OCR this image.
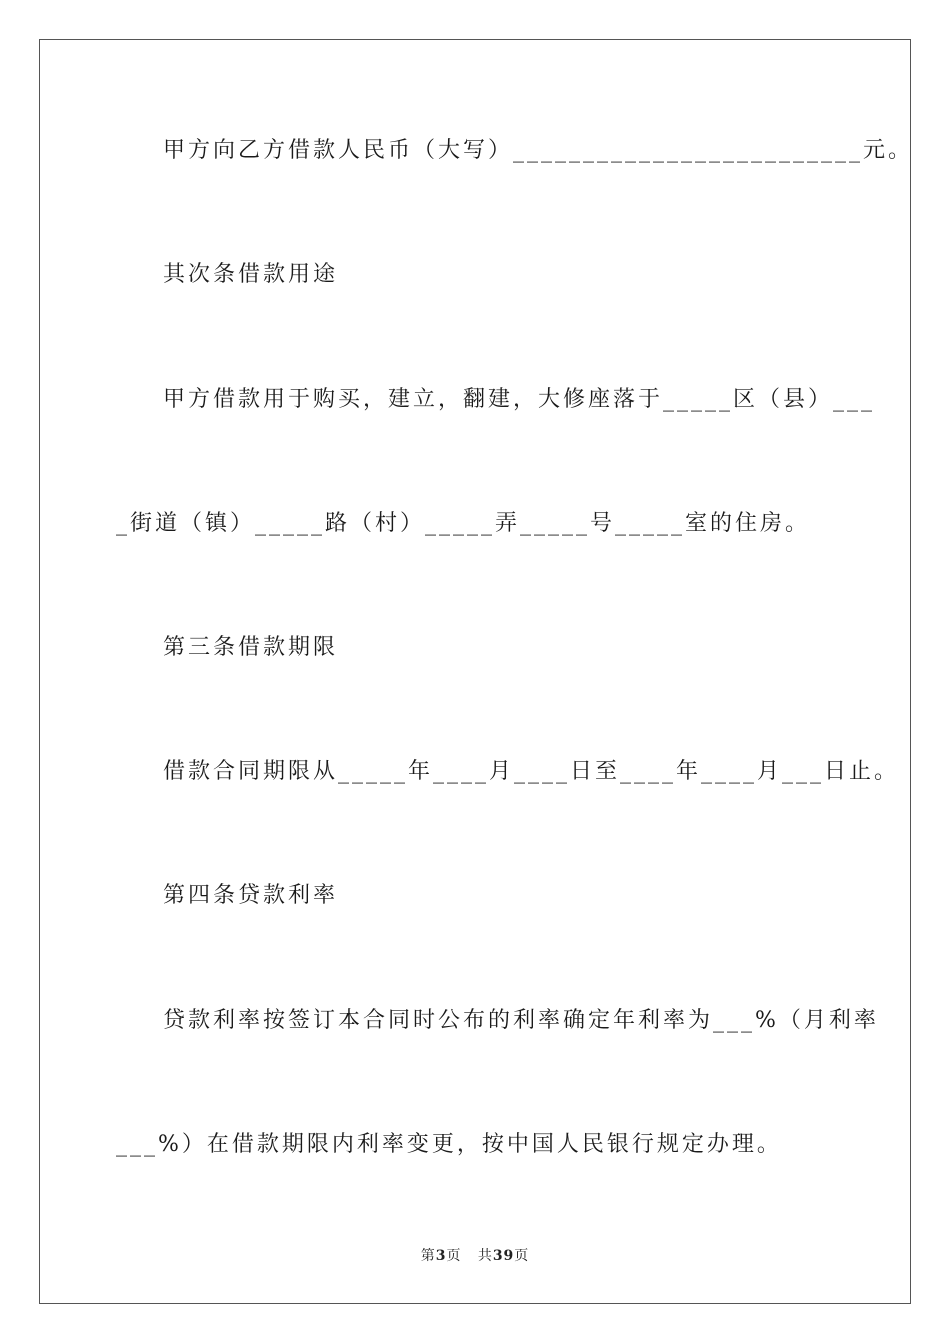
甲方向乙方借款人民币（大写）_________________________元。
其次条借款用途
甲方借款用于购买，建立，翻建，大修座落于_____区（县）___
_街道（镇）_____路（村）_____弄_____号_____室的住房。
第三条借款期限
借款合同期限从_____年____月____日至____年____月___日止。
第四条贷款利率
贷款利率按签订本合同时公布的利率确定年利率为___%（月利率
___%）在借款期限内利率变更，按中国人民银行规定办理。
第3页 共39页
